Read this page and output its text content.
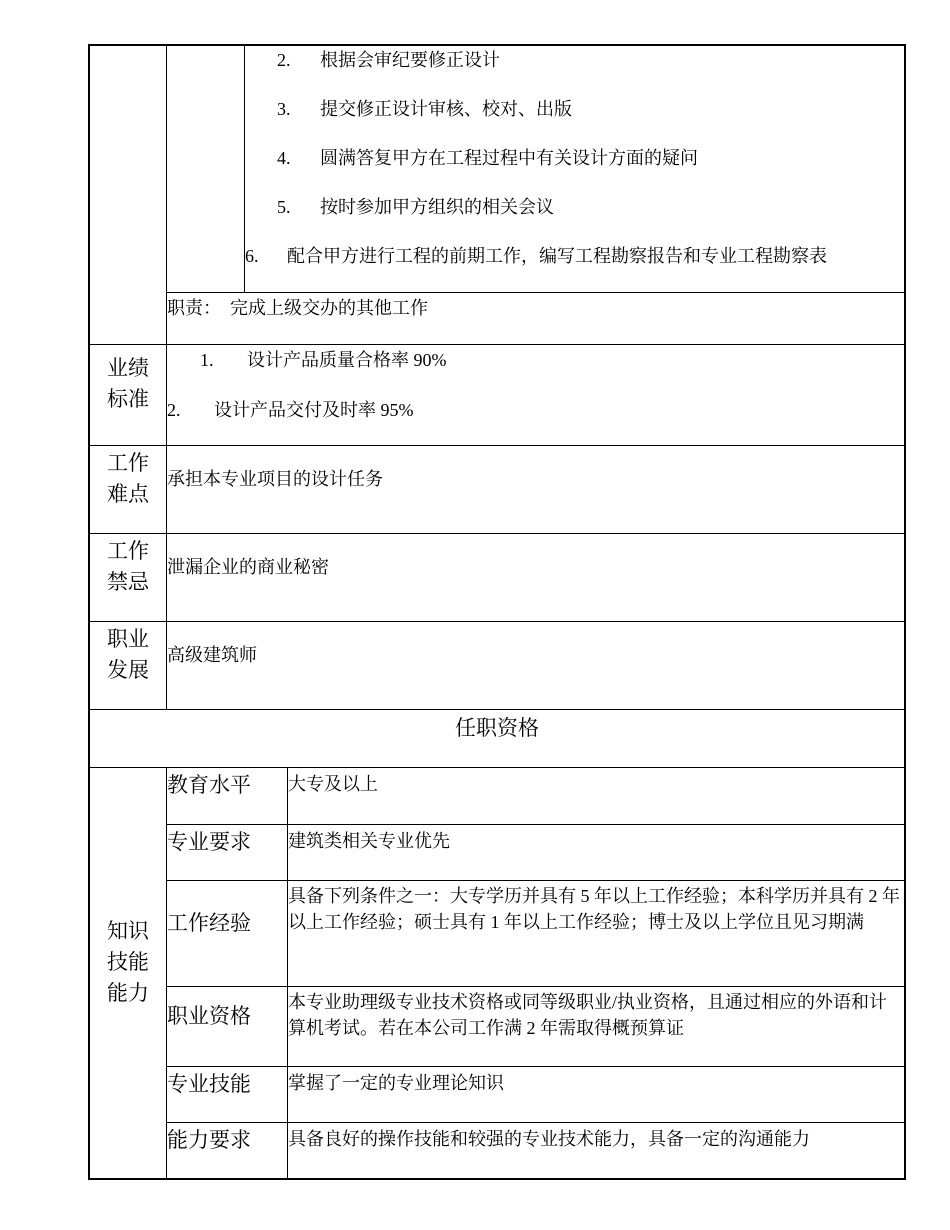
2. 根据会审纪要修正设计
3. 提交修正设计审核、校对、出版
4. 圆满答复甲方在工程过程中有关设计方面的疑问
5. 按时参加甲方组织的相关会议
6. 配合甲方进行工程的前期工作，编写工程勘察报告和专业工程勘察表
职责：  完成上级交办的其他工作
业绩
标准
1. 设计产品质量合格率 90%
2. 设计产品交付及时率 95%
工作
难点
承担本专业项目的设计任务
工作
禁忌
泄漏企业的商业秘密
职业
发展
高级建筑师
任职资格
知识
技能
能力
教育水平 大专及以上
专业要求 建筑类相关专业优先
工作经验
具备下列条件之一：大专学历并具有 5 年以上工作经验；本科学历并具有 2 年以上工作经验；硕士具有 1 年以上工作经验；博士及以上学位且见习期满
职业资格
本专业助理级专业技术资格或同等级职业/执业资格，且通过相应的外语和计算机考试。若在本公司工作满 2 年需取得概预算证
专业技能 掌握了一定的专业理论知识
能力要求 具备良好的操作技能和较强的专业技术能力，具备一定的沟通能力
